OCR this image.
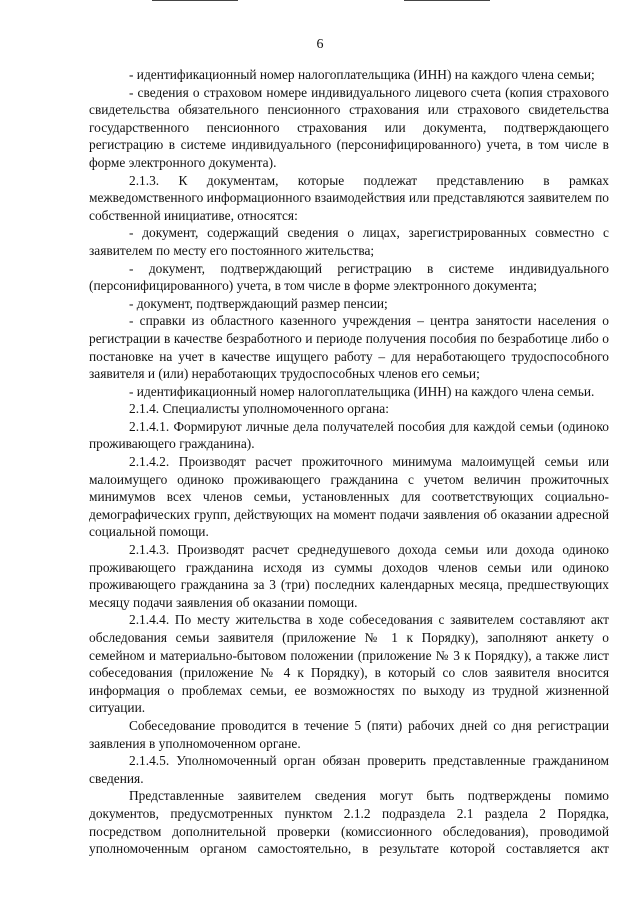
6

- идентификационный номер налогоплательщика (ИНН) на каждого члена семьи;

- сведения о страховом номере индивидуального лицевого счета (копия страхового свидетельства обязательного пенсионного страхования или страхового свидетельства государственного пенсионного страхования или документа, подтверждающего регистрацию в системе индивидуального (персонифицированного) учета, в том числе в форме электронного документа).

2.1.3. К документам, которые подлежат представлению в рамках межведомственного информационного взаимодействия или представляются заявителем по собственной инициативе, относятся:

- документ, содержащий сведения о лицах, зарегистрированных совместно с заявителем по месту его постоянного жительства;

- документ, подтверждающий регистрацию в системе индивидуального (персонифицированного) учета, в том числе в форме электронного документа;

- документ, подтверждающий размер пенсии;

- справки из областного казенного учреждения – центра занятости населения о регистрации в качестве безработного и периоде получения пособия по безработице либо о постановке на учет в качестве ищущего работу – для неработающего трудоспособного заявителя и (или) неработающих трудоспособных членов его семьи;

- идентификационный номер налогоплательщика (ИНН) на каждого члена семьи.

2.1.4. Специалисты уполномоченного органа:

2.1.4.1. Формируют личные дела получателей пособия для каждой семьи (одиноко проживающего гражданина).

2.1.4.2. Производят расчет прожиточного минимума малоимущей семьи или малоимущего одиноко проживающего гражданина с учетом величин прожиточных минимумов всех членов семьи, установленных для соответствующих социально-демографических групп, действующих на момент подачи заявления об оказании адресной социальной помощи.

2.1.4.3. Производят расчет среднедушевого дохода семьи или дохода одиноко проживающего гражданина исходя из суммы доходов членов семьи или одиноко проживающего гражданина за 3 (три) последних календарных месяца, предшествующих месяцу подачи заявления об оказании помощи.

2.1.4.4. По месту жительства в ходе собеседования с заявителем составляют акт обследования семьи заявителя (приложение № 1 к Порядку), заполняют анкету о семейном и материально-бытовом положении (приложение № 3 к Порядку), а также лист собеседования (приложение № 4 к Порядку), в который со слов заявителя вносится информация о проблемах семьи, ее возможностях по выходу из трудной жизненной ситуации.

Собеседование проводится в течение 5 (пяти) рабочих дней со дня регистрации заявления в уполномоченном органе.

2.1.4.5. Уполномоченный орган обязан проверить представленные гражданином сведения.

Представленные заявителем сведения могут быть подтверждены помимо документов, предусмотренных пунктом 2.1.2 подраздела 2.1 раздела 2 Порядка, посредством дополнительной проверки (комиссионного обследования), проводимой уполномоченным органом самостоятельно, в результате которой составляется акт
